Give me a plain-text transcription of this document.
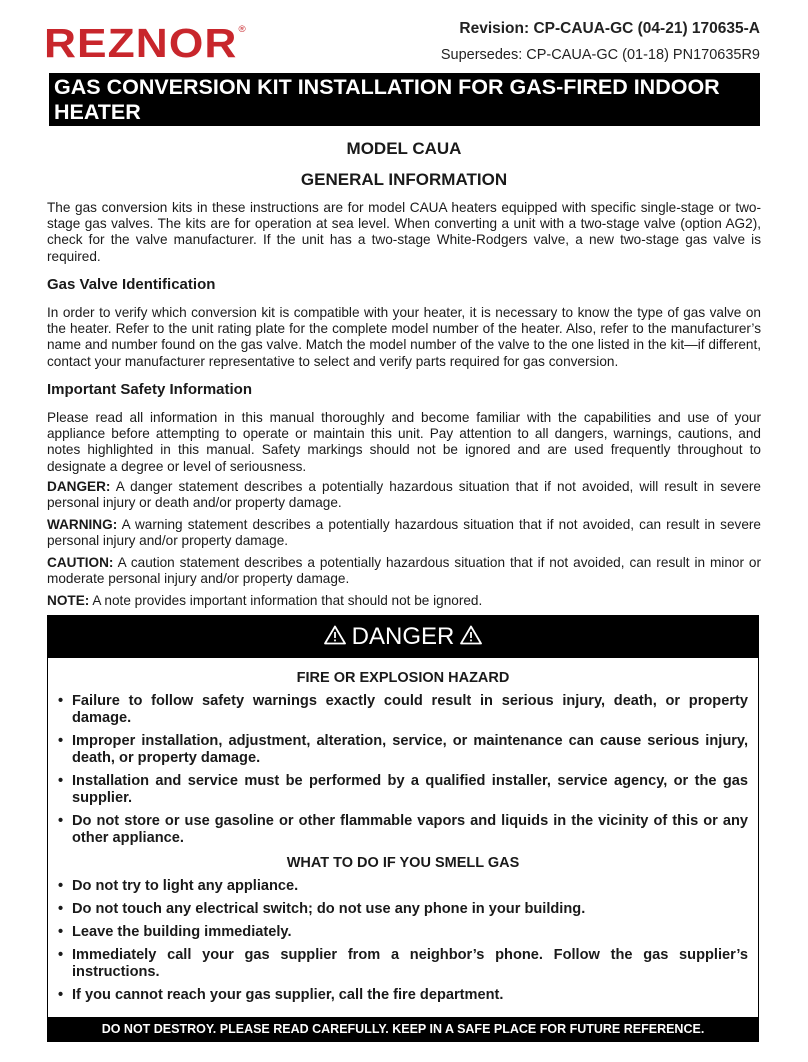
REZNOR®	Revision: CP-CAUA-GC (04-21) 170635-A
Supersedes: CP-CAUA-GC (01-18) PN170635R9
GAS CONVERSION KIT INSTALLATION FOR GAS-FIRED INDOOR HEATER
MODEL CAUA
GENERAL INFORMATION
The gas conversion kits in these instructions are for model CAUA heaters equipped with specific single-stage or two-stage gas valves. The kits are for operation at sea level. When converting a unit with a two-stage valve (option AG2), check for the valve manufacturer. If the unit has a two-stage White-Rodgers valve, a new two-stage gas valve is required.
Gas Valve Identification
In order to verify which conversion kit is compatible with your heater, it is necessary to know the type of gas valve on the heater. Refer to the unit rating plate for the complete model number of the heater. Also, refer to the manufacturer’s name and number found on the gas valve. Match the model number of the valve to the one listed in the kit—if different, contact your manufacturer representative to select and verify parts required for gas conversion.
Important Safety Information
Please read all information in this manual thoroughly and become familiar with the capabilities and use of your appliance before attempting to operate or maintain this unit. Pay attention to all dangers, warnings, cautions, and notes highlighted in this manual. Safety markings should not be ignored and are used frequently throughout to designate a degree or level of seriousness.
DANGER: A danger statement describes a potentially hazardous situation that if not avoided, will result in severe personal injury or death and/or property damage.
WARNING: A warning statement describes a potentially hazardous situation that if not avoided, can result in severe personal injury and/or property damage.
CAUTION: A caution statement describes a potentially hazardous situation that if not avoided, can result in minor or moderate personal injury and/or property damage.
NOTE: A note provides important information that should not be ignored.
DANGER
FIRE OR EXPLOSION HAZARD
• Failure to follow safety warnings exactly could result in serious injury, death, or property damage.
• Improper installation, adjustment, alteration, service, or maintenance can cause serious injury, death, or property damage.
• Installation and service must be performed by a qualified installer, service agency, or the gas supplier.
• Do not store or use gasoline or other flammable vapors and liquids in the vicinity of this or any other appliance.
WHAT TO DO IF YOU SMELL GAS
• Do not try to light any appliance.
• Do not touch any electrical switch; do not use any phone in your building.
• Leave the building immediately.
• Immediately call your gas supplier from a neighbor’s phone. Follow the gas supplier’s instructions.
• If you cannot reach your gas supplier, call the fire department.
DO NOT DESTROY. PLEASE READ CAREFULLY. KEEP IN A SAFE PLACE FOR FUTURE REFERENCE.
